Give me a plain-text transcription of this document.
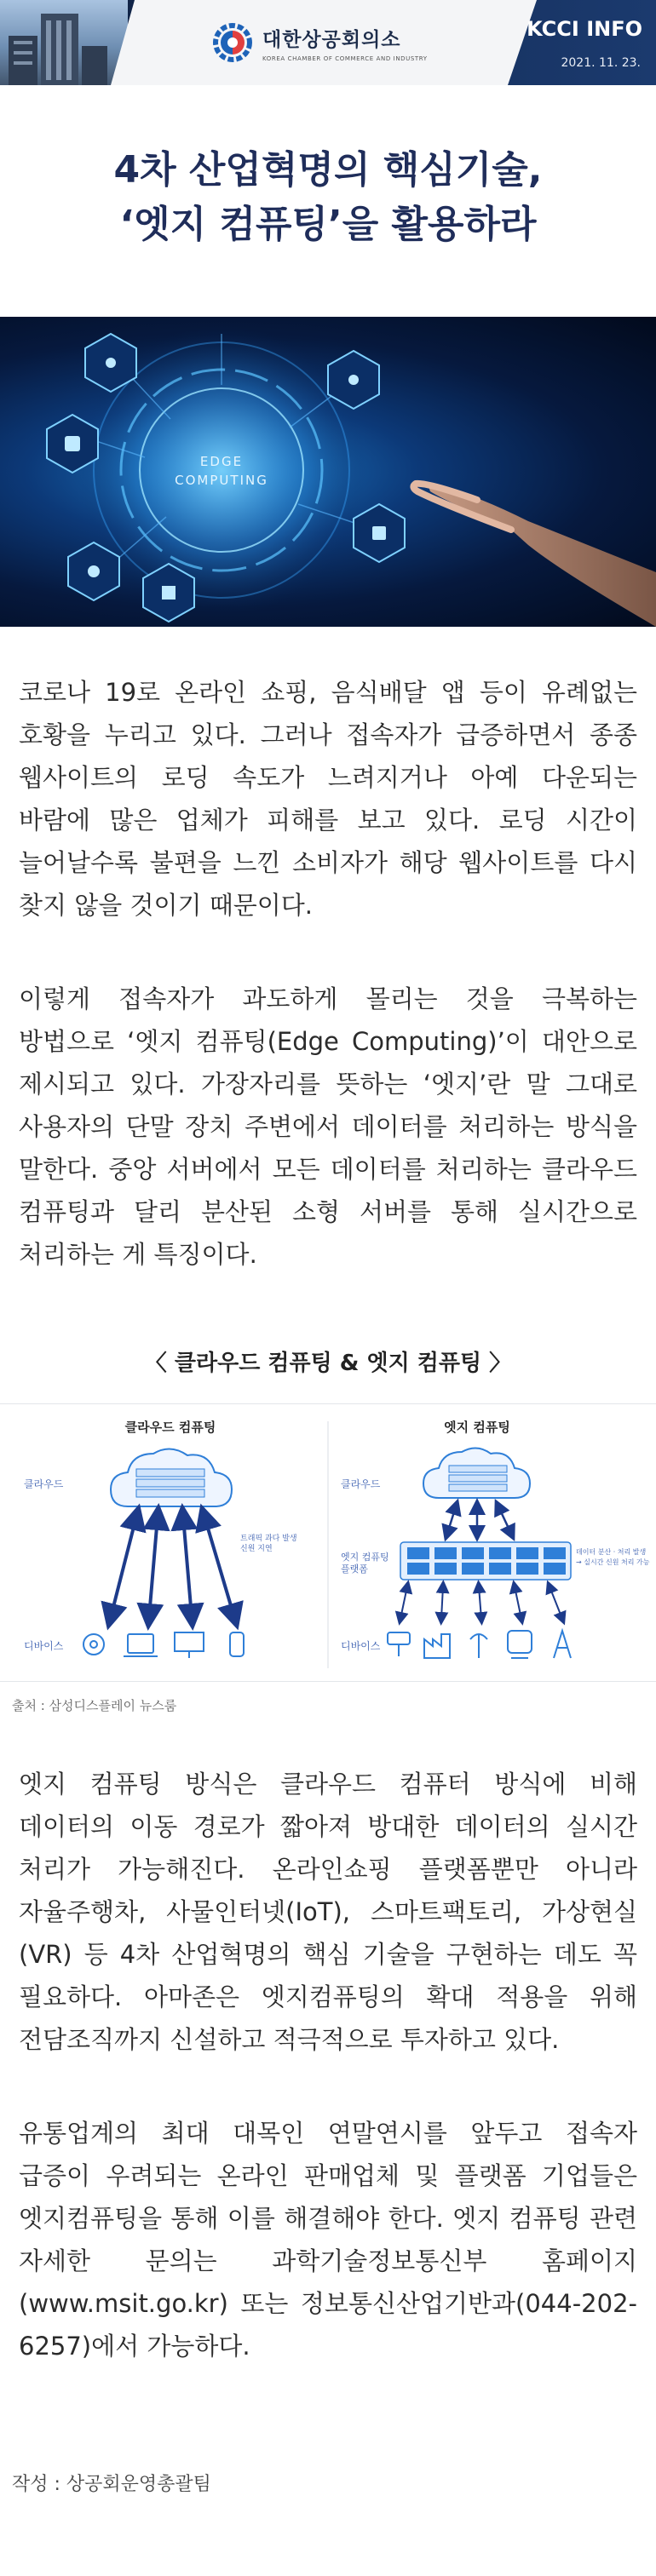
대한상공회의소
KOREA CHAMBER OF COMMERCE AND INDUSTRY
KCCI INFO
2021. 11. 23.
4차 산업혁명의 핵심기술,
‘엣지 컴퓨팅’을 활용하라
EDGE
COMPUTING

코로나 19로 온라인 쇼핑, 음식배달 앱 등이 유례없는 호황을 누리고 있다. 그러나 접속자가 급증하면서 종종 웹사이트의 로딩 속도가 느려지거나 아예 다운되는 바람에 많은 업체가 피해를 보고 있다. 로딩 시간이 늘어날수록 불편을 느낀 소비자가 해당 웹사이트를 다시 찾지 않을 것이기 때문이다.

이렇게 접속자가 과도하게 몰리는 것을 극복하는 방법으로 ‘엣지 컴퓨팅(Edge Computing)’이 대안으로 제시되고 있다. 가장자리를 뜻하는 ‘엣지’란 말 그대로 사용자의 단말 장치 주변에서 데이터를 처리하는 방식을 말한다. 중앙 서버에서 모든 데이터를 처리하는 클라우드 컴퓨팅과 달리 분산된 소형 서버를 통해 실시간으로 처리하는 게 특징이다.

〈 클라우드 컴퓨팅 & 엣지 컴퓨팅 〉
클라우드 컴퓨팅	엣지 컴퓨팅
클라우드
디바이스
트래픽 과다 발생
신원 지연
클라우드
엣지 컴퓨팅
플랫폼
디바이스
데이터 분산 · 처리 발생
→ 실시간 신원 처리 가능
출처 : 삼성디스플레이 뉴스룸

엣지 컴퓨팅 방식은 클라우드 컴퓨터 방식에 비해 데이터의 이동 경로가 짧아져 방대한 데이터의 실시간 처리가 가능해진다. 온라인쇼핑 플랫폼뿐만 아니라 자율주행차, 사물인터넷(IoT), 스마트팩토리, 가상현실(VR) 등 4차 산업혁명의 핵심 기술을 구현하는 데도 꼭 필요하다. 아마존은 엣지컴퓨팅의 확대 적용을 위해 전담조직까지 신설하고 적극적으로 투자하고 있다.

유통업계의 최대 대목인 연말연시를 앞두고 접속자 급증이 우려되는 온라인 판매업체 및 플랫폼 기업들은 엣지컴퓨팅을 통해 이를 해결해야 한다. 엣지 컴퓨팅 관련 자세한 문의는 과학기술정보통신부 홈페이지(www.msit.go.kr) 또는 정보통신산업기반과(044-202-6257)에서 가능하다.

작성 : 상공회운영총괄팀
